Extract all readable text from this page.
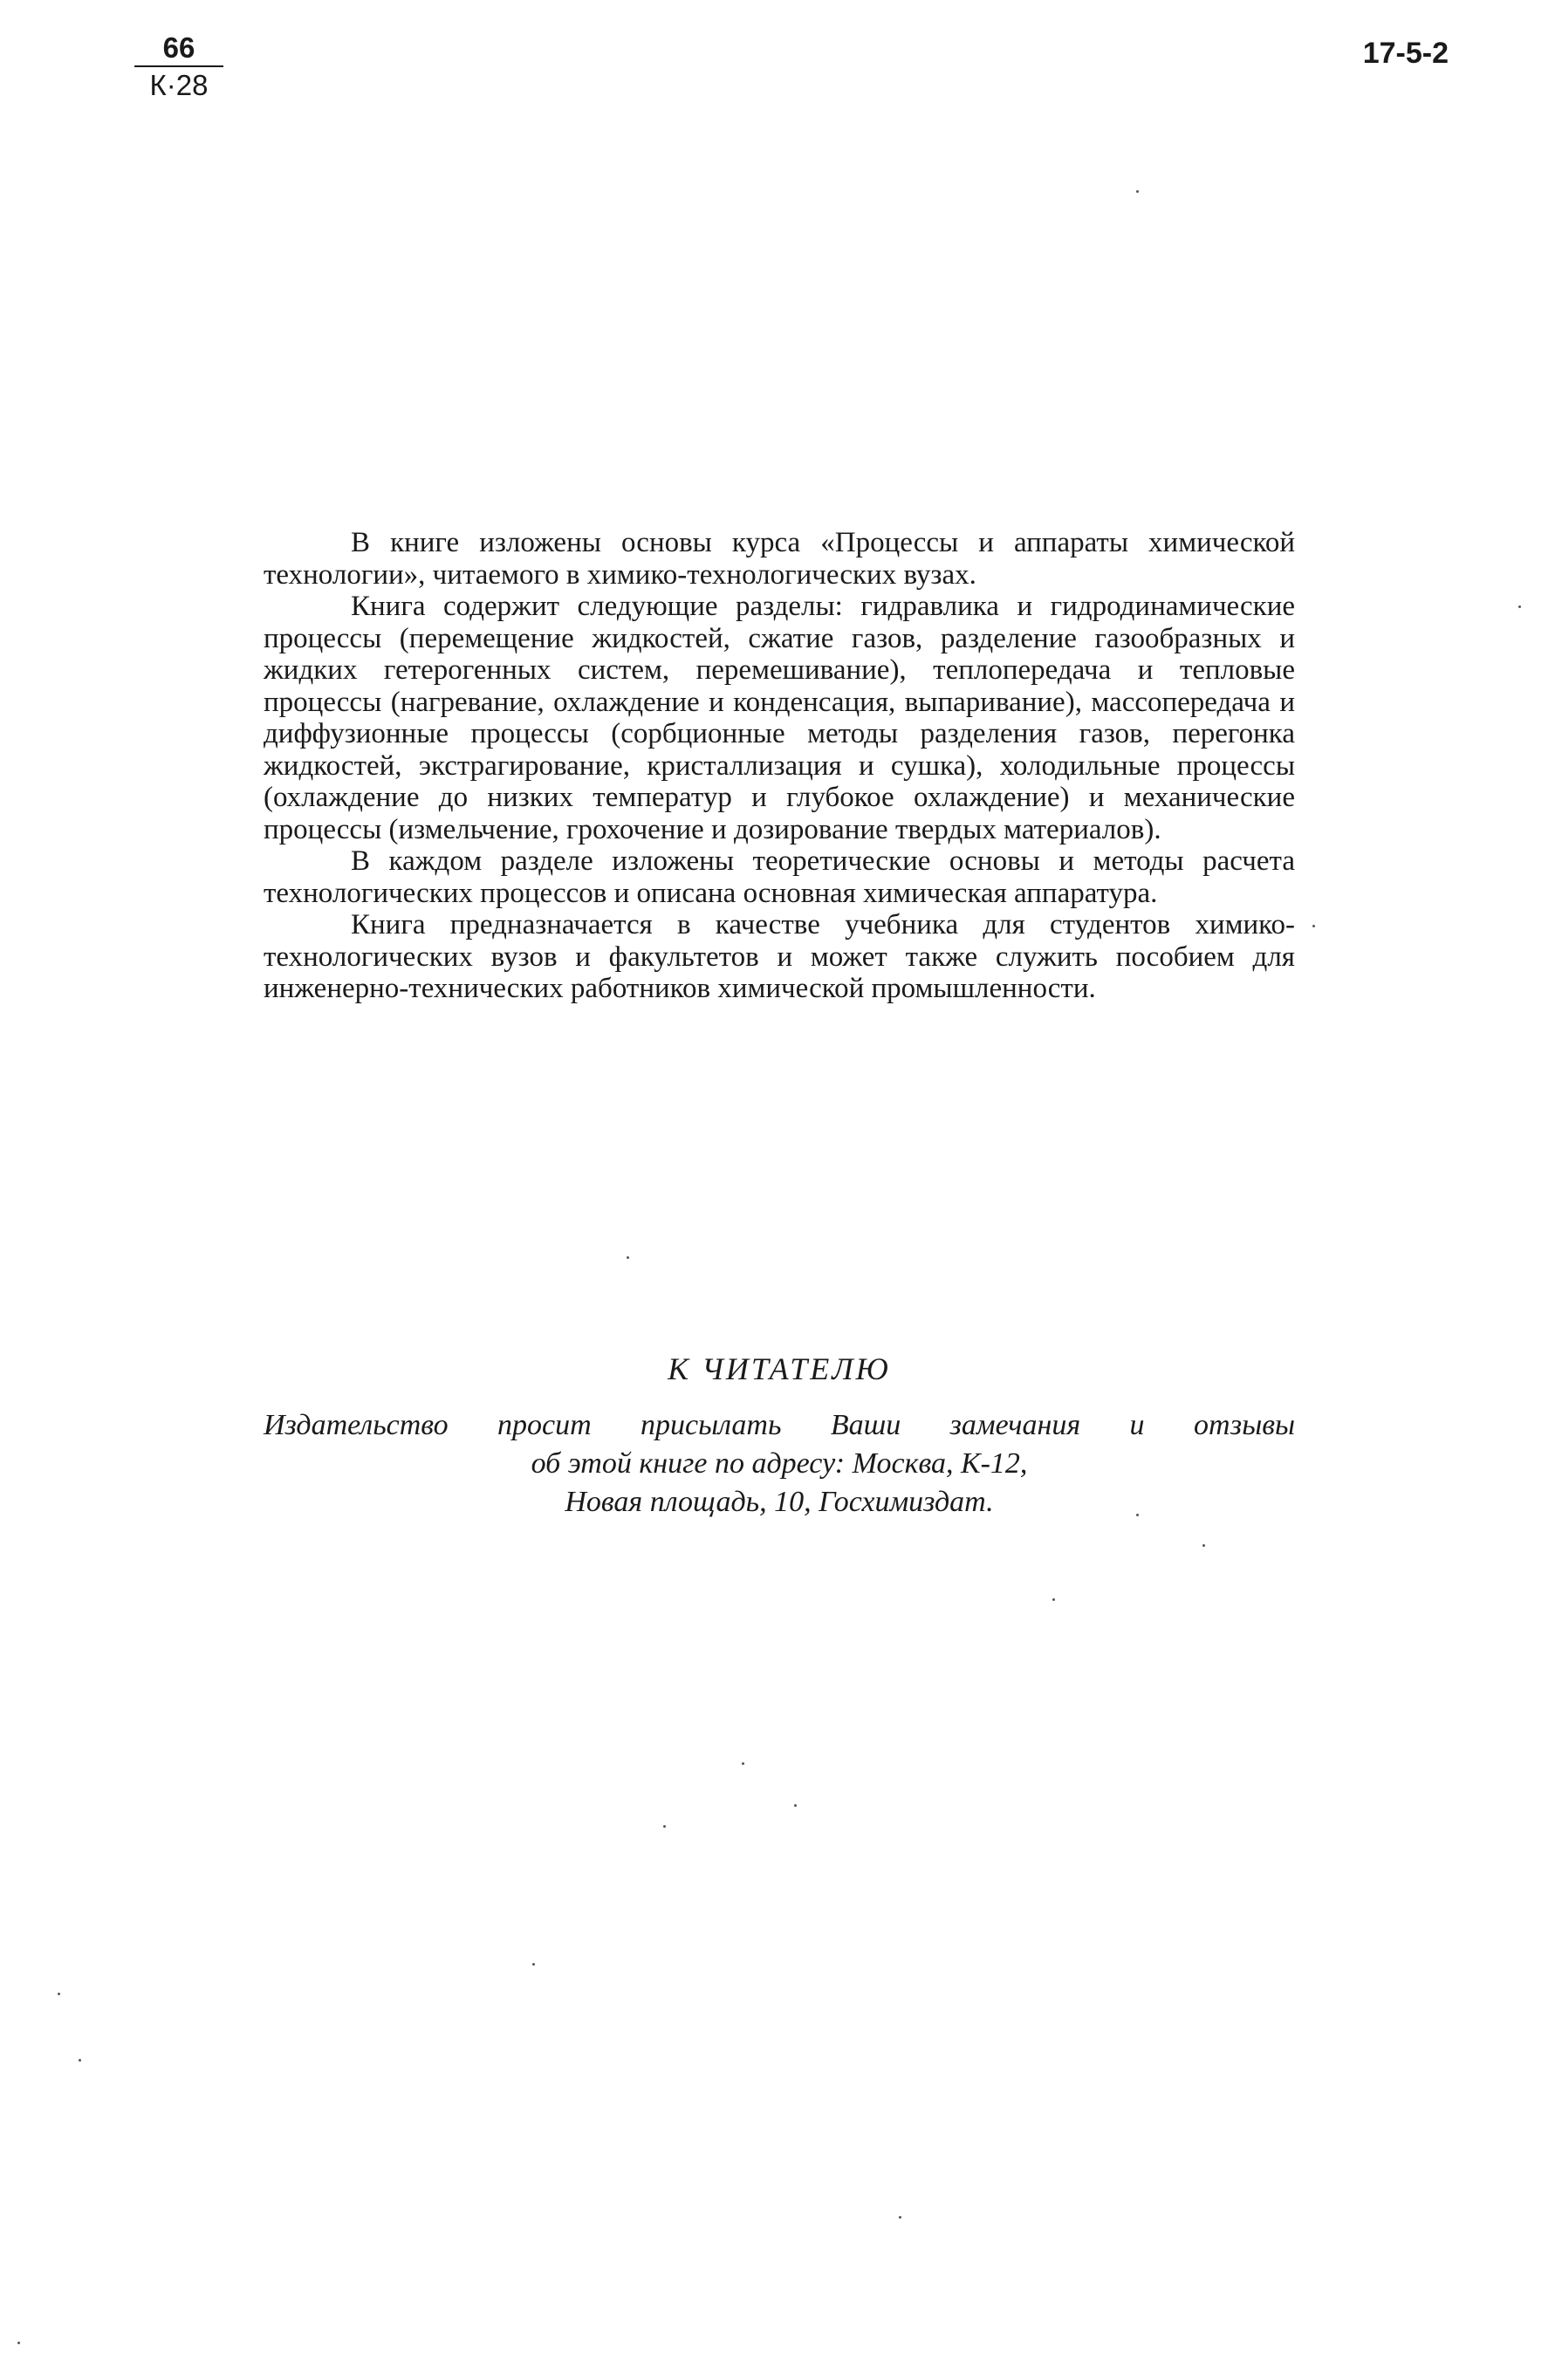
66
К·28
17-5-2

В книге изложены основы курса «Процессы и аппараты химической технологии», читаемого в химико-технологических вузах.

Книга содержит следующие разделы: гидравлика и гидродинамические процессы (перемещение жидкостей, сжатие газов, разделение газообразных и жидких гетерогенных систем, перемешивание), теплопередача и тепловые процессы (нагревание, охлаждение и конденсация, выпаривание), массопередача и диффузионные процессы (сорбционные методы разделения газов, перегонка жидкостей, экстрагирование, кристаллизация и сушка), холодильные процессы (охлаждение до низких температур и глубокое охлаждение) и механические процессы (измельчение, грохочение и дозирование твердых материалов).

В каждом разделе изложены теоретические основы и методы расчета технологических процессов и описана основная химическая аппаратура.

Книга предназначается в качестве учебника для студентов химико-технологических вузов и факультетов и может также служить пособием для инженерно-технических работников химической промышленности.

К ЧИТАТЕЛЮ
Издательство просит присылать Ваши замечания и отзывы
об этой книге по адресу: Москва, К-12,
Новая площадь, 10, Госхимиздат.
